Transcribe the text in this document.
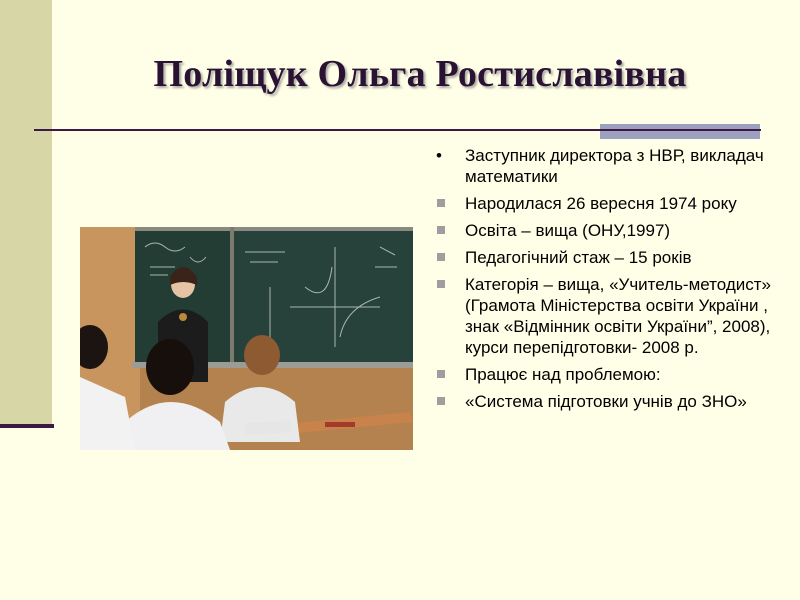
Поліщук Ольга Ростиславівна
• Заступник директора з НВР, викладач математики
Народилася 26 вересня 1974 року
Освіта – вища (ОНУ,1997)
Педагогічний стаж – 15 років
Категорія – вища, «Учитель-методист» (Грамота Міністерства освіти України , знак «Відмінник освіти України”, 2008), курси перепідготовки- 2008 р.
Працює над проблемою:
«Система підготовки учнів до ЗНО»
